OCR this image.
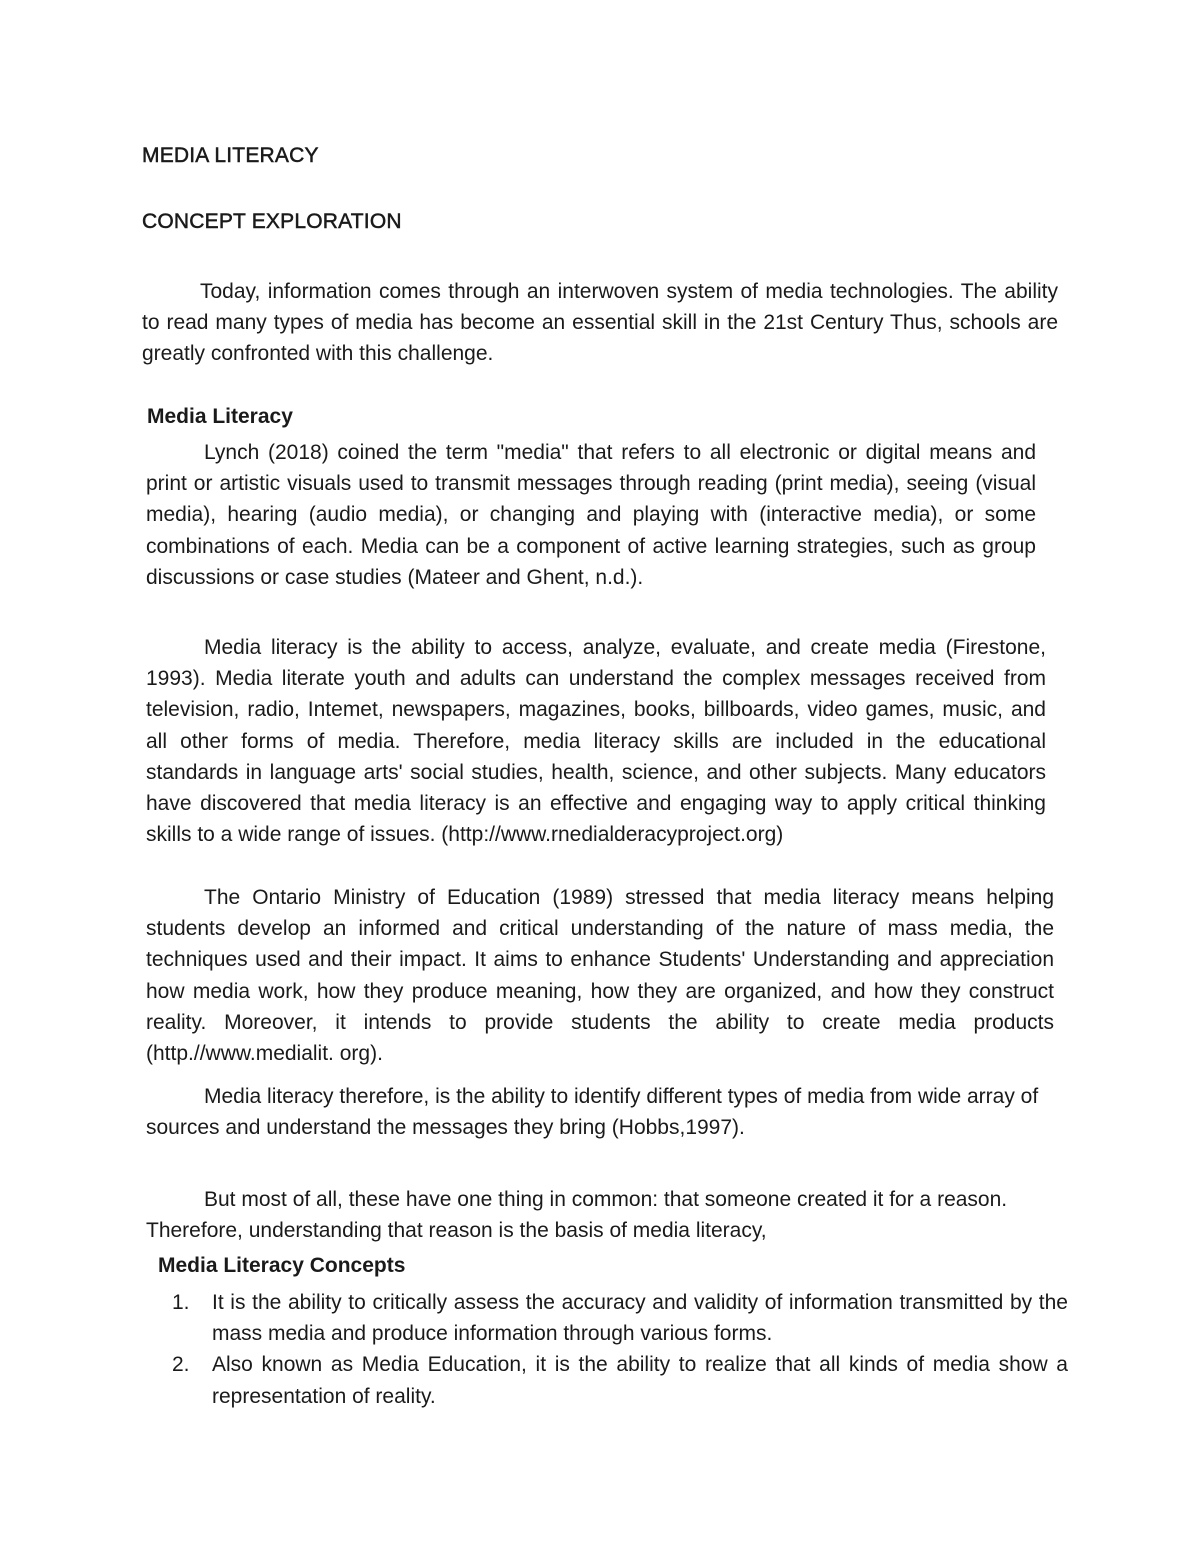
MEDIA LITERACY
CONCEPT EXPLORATION

Today, information comes through an interwoven system of media technologies. The ability to read many types of media has become an essential skill in the 21st Century Thus, schools are greatly confronted with this challenge.

Media Literacy

Lynch (2018) coined the term "media" that refers to all electronic or digital means and print or artistic visuals used to transmit messages through reading (print media), seeing (visual media), hearing (audio media), or changing and playing with (interactive media), or some combinations of each. Media can be a component of active learning strategies, such as group discussions or case studies (Mateer and Ghent, n.d.).

Media literacy is the ability to access, analyze, evaluate, and create media (Firestone, 1993). Media literate youth and adults can understand the complex messages received from television, radio, Intemet, newspapers, magazines, books, billboards, video games, music, and all other forms of media. Therefore, media literacy skills are included in the educational standards in language arts' social studies, health, science, and other subjects. Many educators have discovered that media literacy is an effective and engaging way to apply critical thinking skills to a wide range of issues. (http://www.rnedialderacyproject.org)

The Ontario Ministry of Education (1989) stressed that media literacy means helping students develop an informed and critical understanding of the nature of mass media, the techniques used and their impact. It aims to enhance Students' Understanding and appreciation how media work, how they produce meaning, how they are organized, and how they construct reality. Moreover, it intends to provide students the ability to create media products (http.//www.medialit. org).

Media literacy therefore, is the ability to identify different types of media from wide array of sources and understand the messages they bring (Hobbs,1997).

But most of all, these have one thing in common: that someone created it for a reason. Therefore, understanding that reason is the basis of media literacy,

Media Literacy Concepts
1. It is the ability to critically assess the accuracy and validity of information transmitted by the mass media and produce information through various forms.
2. Also known as Media Education, it is the ability to realize that all kinds of media show a representation of reality.
